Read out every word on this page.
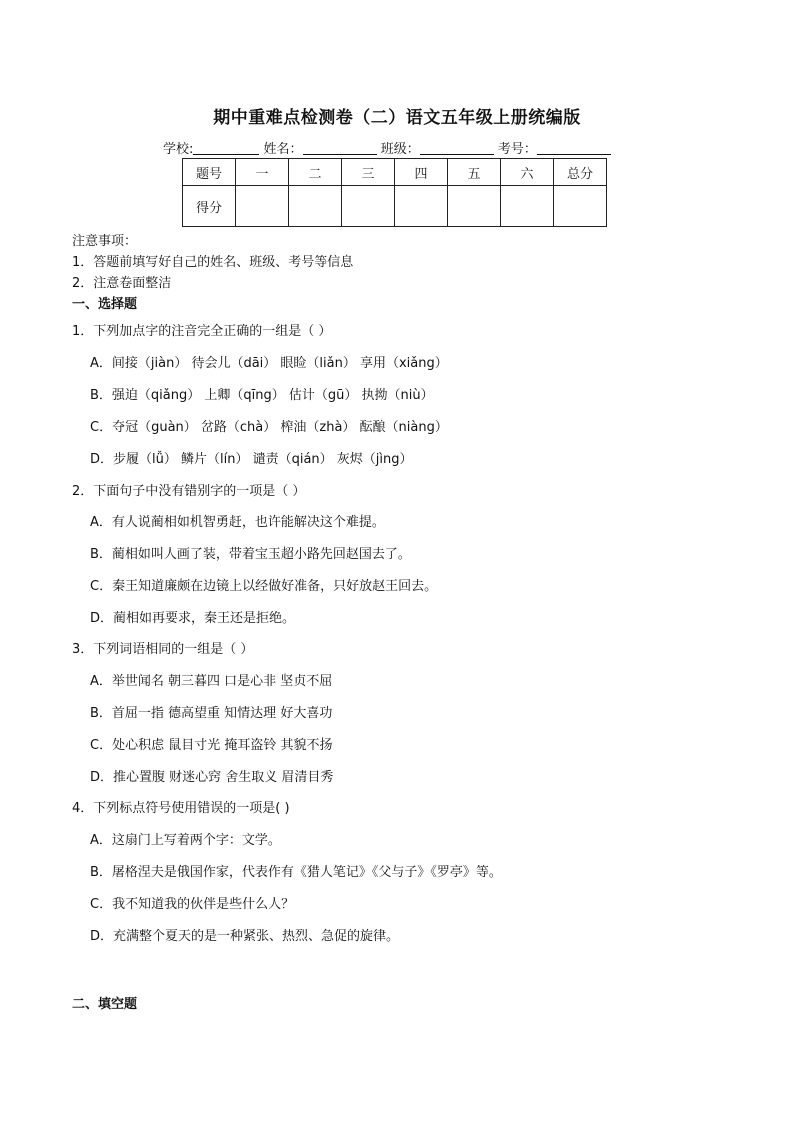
期中重难点检测卷（二）语文五年级上册统编版
学校:	姓名：	班级：	考号：
题号	一	二	三	四	五	六	总分
得分							
注意事项：
1．答题前填写好自己的姓名、班级、考号等信息
2．注意卷面整洁
一、选择题
1．下列加点字的注音完全正确的一组是（ ）
A．间接（jiàn） 待会儿（dāi） 眼睑（liǎn） 享用（xiǎng）
B．强迫（qiǎng） 上卿（qīng） 估计（gū） 执拗（niù）
C．夺冠（guàn） 岔路（chà） 榨油（zhà） 酝酿（niàng）
D．步履（lǚ） 鳞片（lín） 谴责（qián） 灰烬（jìng）
2．下面句子中没有错别字的一项是（ ）
A．有人说蔺相如机智勇赶，也许能解决这个难提。
B．蔺相如叫人画了装，带着宝玉超小路先回赵国去了。
C．秦王知道廉颇在边镜上以经做好准备，只好放赵王回去。
D．蔺相如再要求，秦王还是拒绝。
3．下列词语相同的一组是（ ）
A．举世闻名 朝三暮四 口是心非 坚贞不屈
B．首屈一指 德高望重 知情达理 好大喜功
C．处心积虑 鼠目寸光 掩耳盗铃 其貌不扬
D．推心置腹 财迷心窍 舍生取义 眉清目秀
4．下列标点符号使用错误的一项是( )
A．这扇门上写着两个字：文学。
B．屠格涅夫是俄国作家，代表作有《猎人笔记》《父与子》《罗亭》等。
C．我不知道我的伙伴是些什么人？
D．充满整个夏天的是一种紧张、热烈、急促的旋律。
二、填空题
